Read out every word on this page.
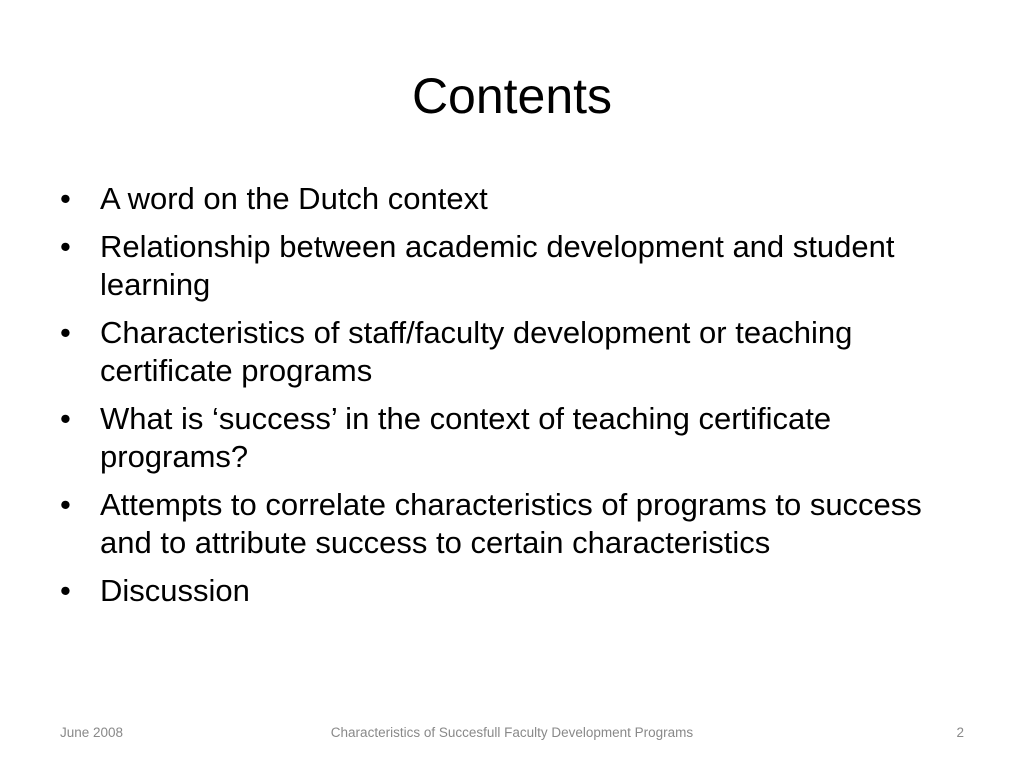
Contents
• A word on the Dutch context
• Relationship between academic development and student learning
• Characteristics of staff/faculty development or teaching certificate programs
• What is ‘success’ in the context of teaching certificate programs?
• Attempts to correlate characteristics of programs to success and to attribute success to certain characteristics
• Discussion
June 2008	Characteristics of Succesfull Faculty Development Programs	2
